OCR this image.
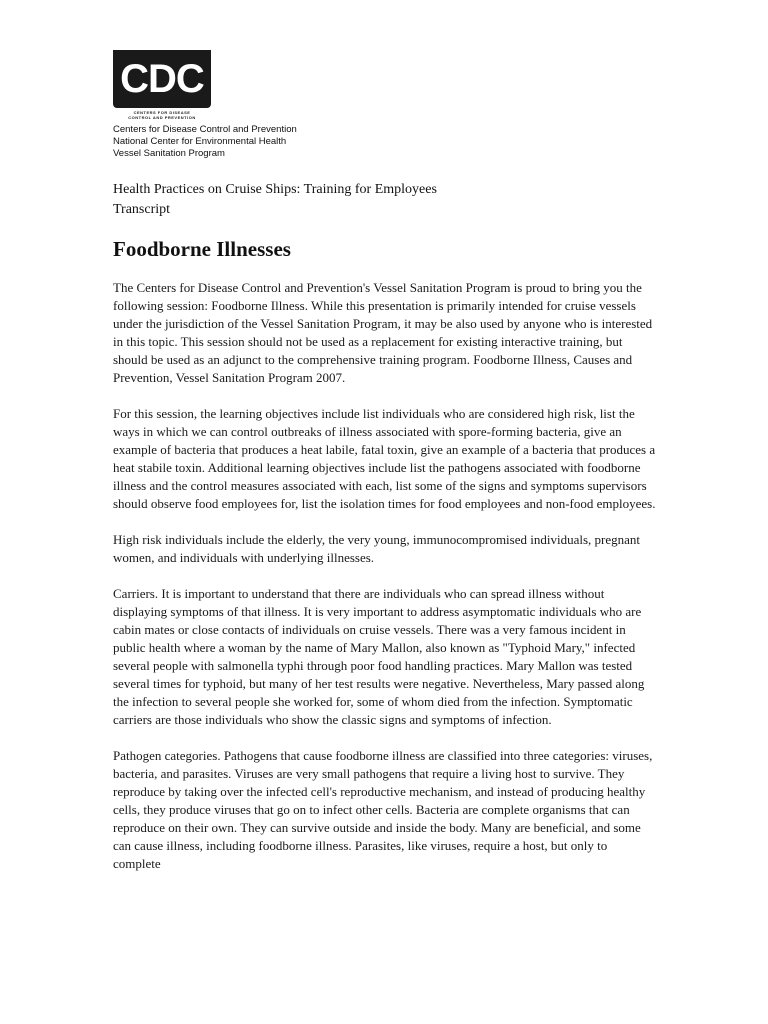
CDC
CENTERS FOR DISEASE
CONTROL AND PREVENTION
Centers for Disease Control and Prevention
National Center for Environmental Health
Vessel Sanitation Program
Health Practices on Cruise Ships: Training for Employees
Transcript
Foodborne Illnesses

The Centers for Disease Control and Prevention's Vessel Sanitation Program is proud to bring you the following session: Foodborne Illness. While this presentation is primarily intended for cruise vessels under the jurisdiction of the Vessel Sanitation Program, it may be also used by anyone who is interested in this topic. This session should not be used as a replacement for existing interactive training, but should be used as an adjunct to the comprehensive training program. Foodborne Illness, Causes and Prevention, Vessel Sanitation Program 2007.

For this session, the learning objectives include list individuals who are considered high risk, list the ways in which we can control outbreaks of illness associated with spore-forming bacteria, give an example of bacteria that produces a heat labile, fatal toxin, give an example of a bacteria that produces a heat stabile toxin. Additional learning objectives include list the pathogens associated with foodborne illness and the control measures associated with each, list some of the signs and symptoms supervisors should observe food employees for, list the isolation times for food employees and non-food employees.

High risk individuals include the elderly, the very young, immunocompromised individuals, pregnant women, and individuals with underlying illnesses.

Carriers. It is important to understand that there are individuals who can spread illness without displaying symptoms of that illness. It is very important to address asymptomatic individuals who are cabin mates or close contacts of individuals on cruise vessels. There was a very famous incident in public health where a woman by the name of Mary Mallon, also known as "Typhoid Mary," infected several people with salmonella typhi through poor food handling practices. Mary Mallon was tested several times for typhoid, but many of her test results were negative. Nevertheless, Mary passed along the infection to several people she worked for, some of whom died from the infection. Symptomatic carriers are those individuals who show the classic signs and symptoms of infection.

Pathogen categories. Pathogens that cause foodborne illness are classified into three categories: viruses, bacteria, and parasites. Viruses are very small pathogens that require a living host to survive. They reproduce by taking over the infected cell's reproductive mechanism, and instead of producing healthy cells, they produce viruses that go on to infect other cells. Bacteria are complete organisms that can reproduce on their own. They can survive outside and inside the body. Many are beneficial, and some can cause illness, including foodborne illness. Parasites, like viruses, require a host, but only to complete
